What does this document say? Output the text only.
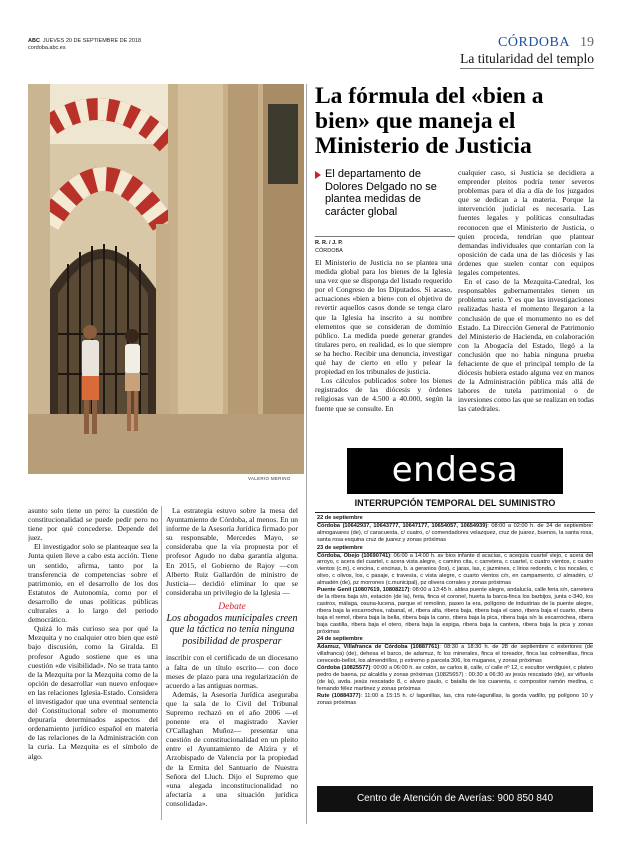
ABC JUEVES 20 DE SEPTIEMBRE DE 2018
cordoba.abc.es	CÓRDOBA 19
La titularidad del templo
VALERIO MERINO
La fórmula del «bien a bien» que maneja el Ministerio de Justicia
El departamento de Dolores Delgado no se plantea medidas de carácter global
R. R. / J. P.
CÓRDOBA

El Ministerio de Justicia no se plantea una medida global para los bienes de la Iglesia una vez que se disponga del listado requerido por el Congreso de los Diputados. Si acaso, actuaciones «bien a bien» con el objetivo de revertir aquellos casos donde se tenga claro que la Iglesia ha inscrito a su nombre elementos que se consideran de dominio público. La medida puede generar grandes titulares pero, en realidad, es lo que siempre se ha hecho. Recibir una denuncia, investigar qué hay de cierto en ello y pelear la propiedad en los tribunales de justicia.

Los cálculos publicados sobre los bienes registrados de las diócesis y órdenes religiosas van de 4.500 a 40.000, según la fuente que se consulte. En

cualquier caso, si Justicia se decidiera a emprender pleitos podría tener severos problemas para el día a día de los juzgados que se dedican a la materia. Porque la intervención judicial es necesaria. Las fuentes legales y políticas consultadas reconocen que el Ministerio de Justicia, o quien proceda, tendrían que plantear demandas individuales que contarían con la oposición de cada una de las diócesis y las órdenes que suelen contar con equipos legales competentes.

En el caso de la Mezquita-Catedral, los responsables gubernamentales tienen un problema serio. Y es que las investigaciones realizadas hasta el momento llegaron a la conclusión de que el monumento no es del Estado. La Dirección General de Patrimonio del Ministerio de Hacienda, en colaboración con la Abogacía del Estado, llegó a la conclusión que no había ninguna prueba fehaciente de que el principal templo de la diócesis hubiera estado alguna vez en manos de la Administración pública más allá de labores de tutela patrimonial o de inversiones como las que se realizan en todas las catedrales.

asunto solo tiene un pero: la cuestión de constitucionalidad se puede pedir pero no tiene por qué concederse. Depende del juez.

El investigador solo se planteaque sea la Junta quien lleve a cabo esta acción. Tiene un sentido, afirma, tanto por la transferencia de competencias sobre el patrimonio, en el desarrollo de los dos Estatutos de Autonomía, como por el desarrollo de unas políticas públicas culturales a lo largo del periodo democrático.

Quizá lo más curioso sea por qué la Mezquita y no cualquier otro bien que esté bajo discusión, como la Giralda. El profesor Agudo sostiene que es una cuestión «de visibilidad». No se trata tanto de la Mezquita por la Mezquita como de la opción de desarrollar «un nuevo enfoque» en las relaciones Iglesia-Estado. Considera el investigador que una eventual sentencia del Constitucional sobre el monumento depuraría determinados aspectos del ordenamiento jurídico español en materia de las relaciones de la Administración con la curia. La Mezquita es el símbolo de algo.

La estrategia estuvo sobre la mesa del Ayuntamiento de Córdoba, al menos. En un informe de la Asesoría Jurídica firmado por su responsable, Mercedes Mayo, se consideraba que la vía propuesta por el profesor Agudo no daba garantía alguna. En 2015, el Gobierno de Rajoy —con Alberto Ruiz Gallardón de ministro de Justicia— decidió eliminar lo que se consideraba un privilegio de la Iglesia —

Debate
Los abogados municipales creen que la táctica no tenía ninguna posibilidad de prosperar

inscribir con el certificado de un diocesano a falta de un título escrito— con doce meses de plazo para una regularización de acuerdo a las antiguas normas.

Además, la Asesoría Jurídica aseguraba que la sala de lo Civil del Tribunal Supremo rechazó en el año 2006 —el ponente era el magistrado Xavier O'Callaghan Muñoz— presentar una cuestión de constitucionalidad en un pleito entre el Ayuntamiento de Alzira y el Arzobispado de Valencia por la propiedad de la Ermita del Santuario de Nuestra Señora del Lluch. Dijo el Supremo que «una alegada inconstitucionalidad no afectaría a una situación jurídica consolidada».

endesa
INTERRUPCIÓN TEMPORAL DEL SUMINISTRO
22 de septiembre
Córdoba (10642937, 10643777, 10647177, 10654057, 10654939): 08:00 a 02:00 h. de 24 de septiembre: almogavares (de), c/ caracuesta, c/ cuatro, c/ comendadores velazquez, cruz de juarez, buenos, la santa rosa, santa rosa esquina cruz de juarez y zonas próximas
23 de septiembre
Córdoba, Obejo (10690741): 06:00 a 14:00 h. av bios infante d acacias, c acequia cuartel viejo, c acera del arroyo, c acera del cuartel, c acera vista alegre, c camino cita, c carretera, c cuartel, c cuatro vientos, c cuatro vientos (c.m), c encina, c encinas, b. a geranios (los), c jaras, las, c jazmines, c lirios redondo, c los nocales, c olivo, c olivos, los, c pasaje, c travesía, c vista alegre, c cuarto vientos c/n, en campamento, c/ almadén, c/ almadén (de), pz morrones (c.municipal), pz olivera corrales y zonas próximas
Puente Genil (10807619, 10808217): 08:00 a 13:45 h. aldea puente alegre, andalucía, calle feria s/n, carretera de la ribera baja s/n, estación (de la), feria, finca el coronel, huerta la barca-finca los barbijos, junta c-340, los castros, málaga, osuna-lucena, parque el remolino, paseo la era, polígono de industrias de la puente alegre, ribera baja la escarrochea, rabanal, el, ribera alta, ribera baja, ribera baja el cano, ribera baja el cuarto, ribera baja el remol, ribera baja la bella, ribera baja la cano, ribera baja la pica, ribera baja s/n la escarrochea, ribera baja castilla, ribera baja el otero, ribera baja la espiga, ribera baja la cantera, ribera baja la pica y zonas próximas
24 de septiembre
Adamuz, Villafranca de Córdoba (10887761): 08:30 a 18:30 h. de 28 de septiembre c exteriores (de villafranca) (de), dehesa el barco, de adamuz, fc los minerales, finca el toreador, finca las colmenillas, finca cerecedo-bellot, los almendrillos, p extremo p parcela 306, los muganes, y zonas próximas
Córdoba (10825577): 00:00 a 06:00 h. av colón, av carlos iii, calle, c/ calle nº 12, c escultor verdiguier, c plateo pedro de baena, pz alcaldía y zonas próximas (10825657) : 00:30 a 06:30 av jesús rescatado (de), av viñuela (de la), avda. jesús rescatado 8, c alvaro paulo, c batalla de los cuarenta, c compositor ramón medina, c fernando félez martinez y zonas próximas
Rute (10884377): 11:00 a 15:15 h. c/ lagunillas, las, ctra rute-lagunillas, la gorda vadillo, pg polígono 10 y zonas próximas
Centro de Atención de Averías: 900 850 840
